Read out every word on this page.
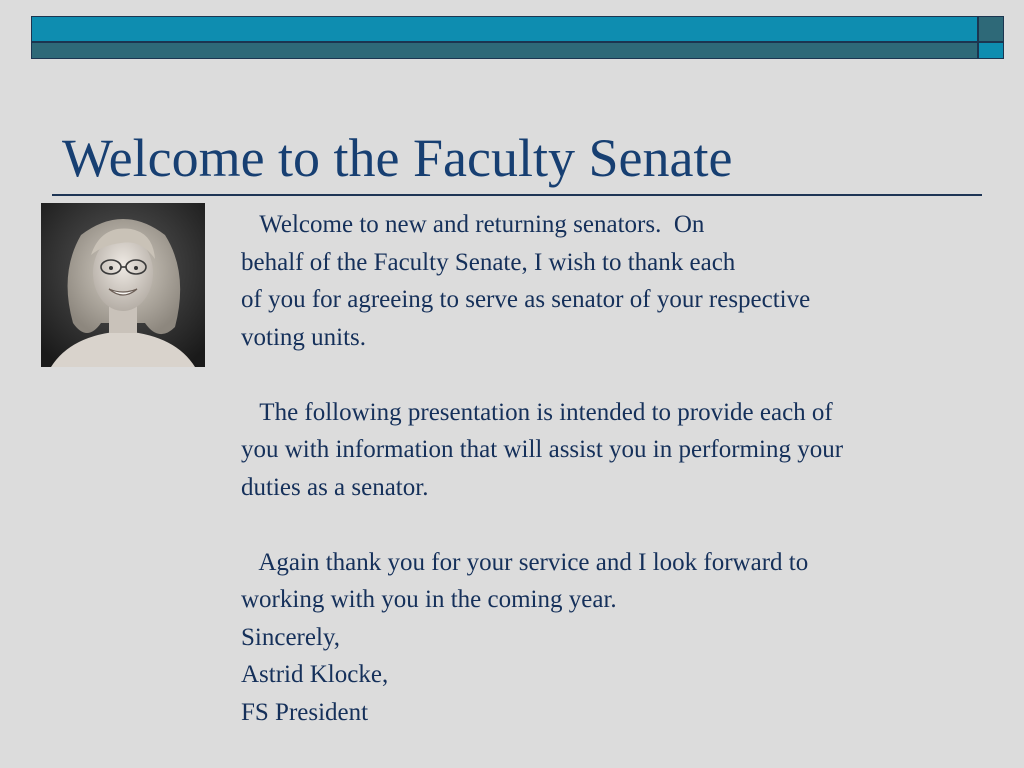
Welcome to the Faculty Senate

Welcome to new and returning senators.  On

behalf of the Faculty Senate, I wish to thank each

of you for agreeing to serve as senator of your respective

voting units.

The following presentation is intended to provide each of

you with information that will assist you in performing your

duties as a senator.

Again thank you for your service and I look forward to

working with you in the coming year.

Sincerely,

Astrid Klocke,

FS President
